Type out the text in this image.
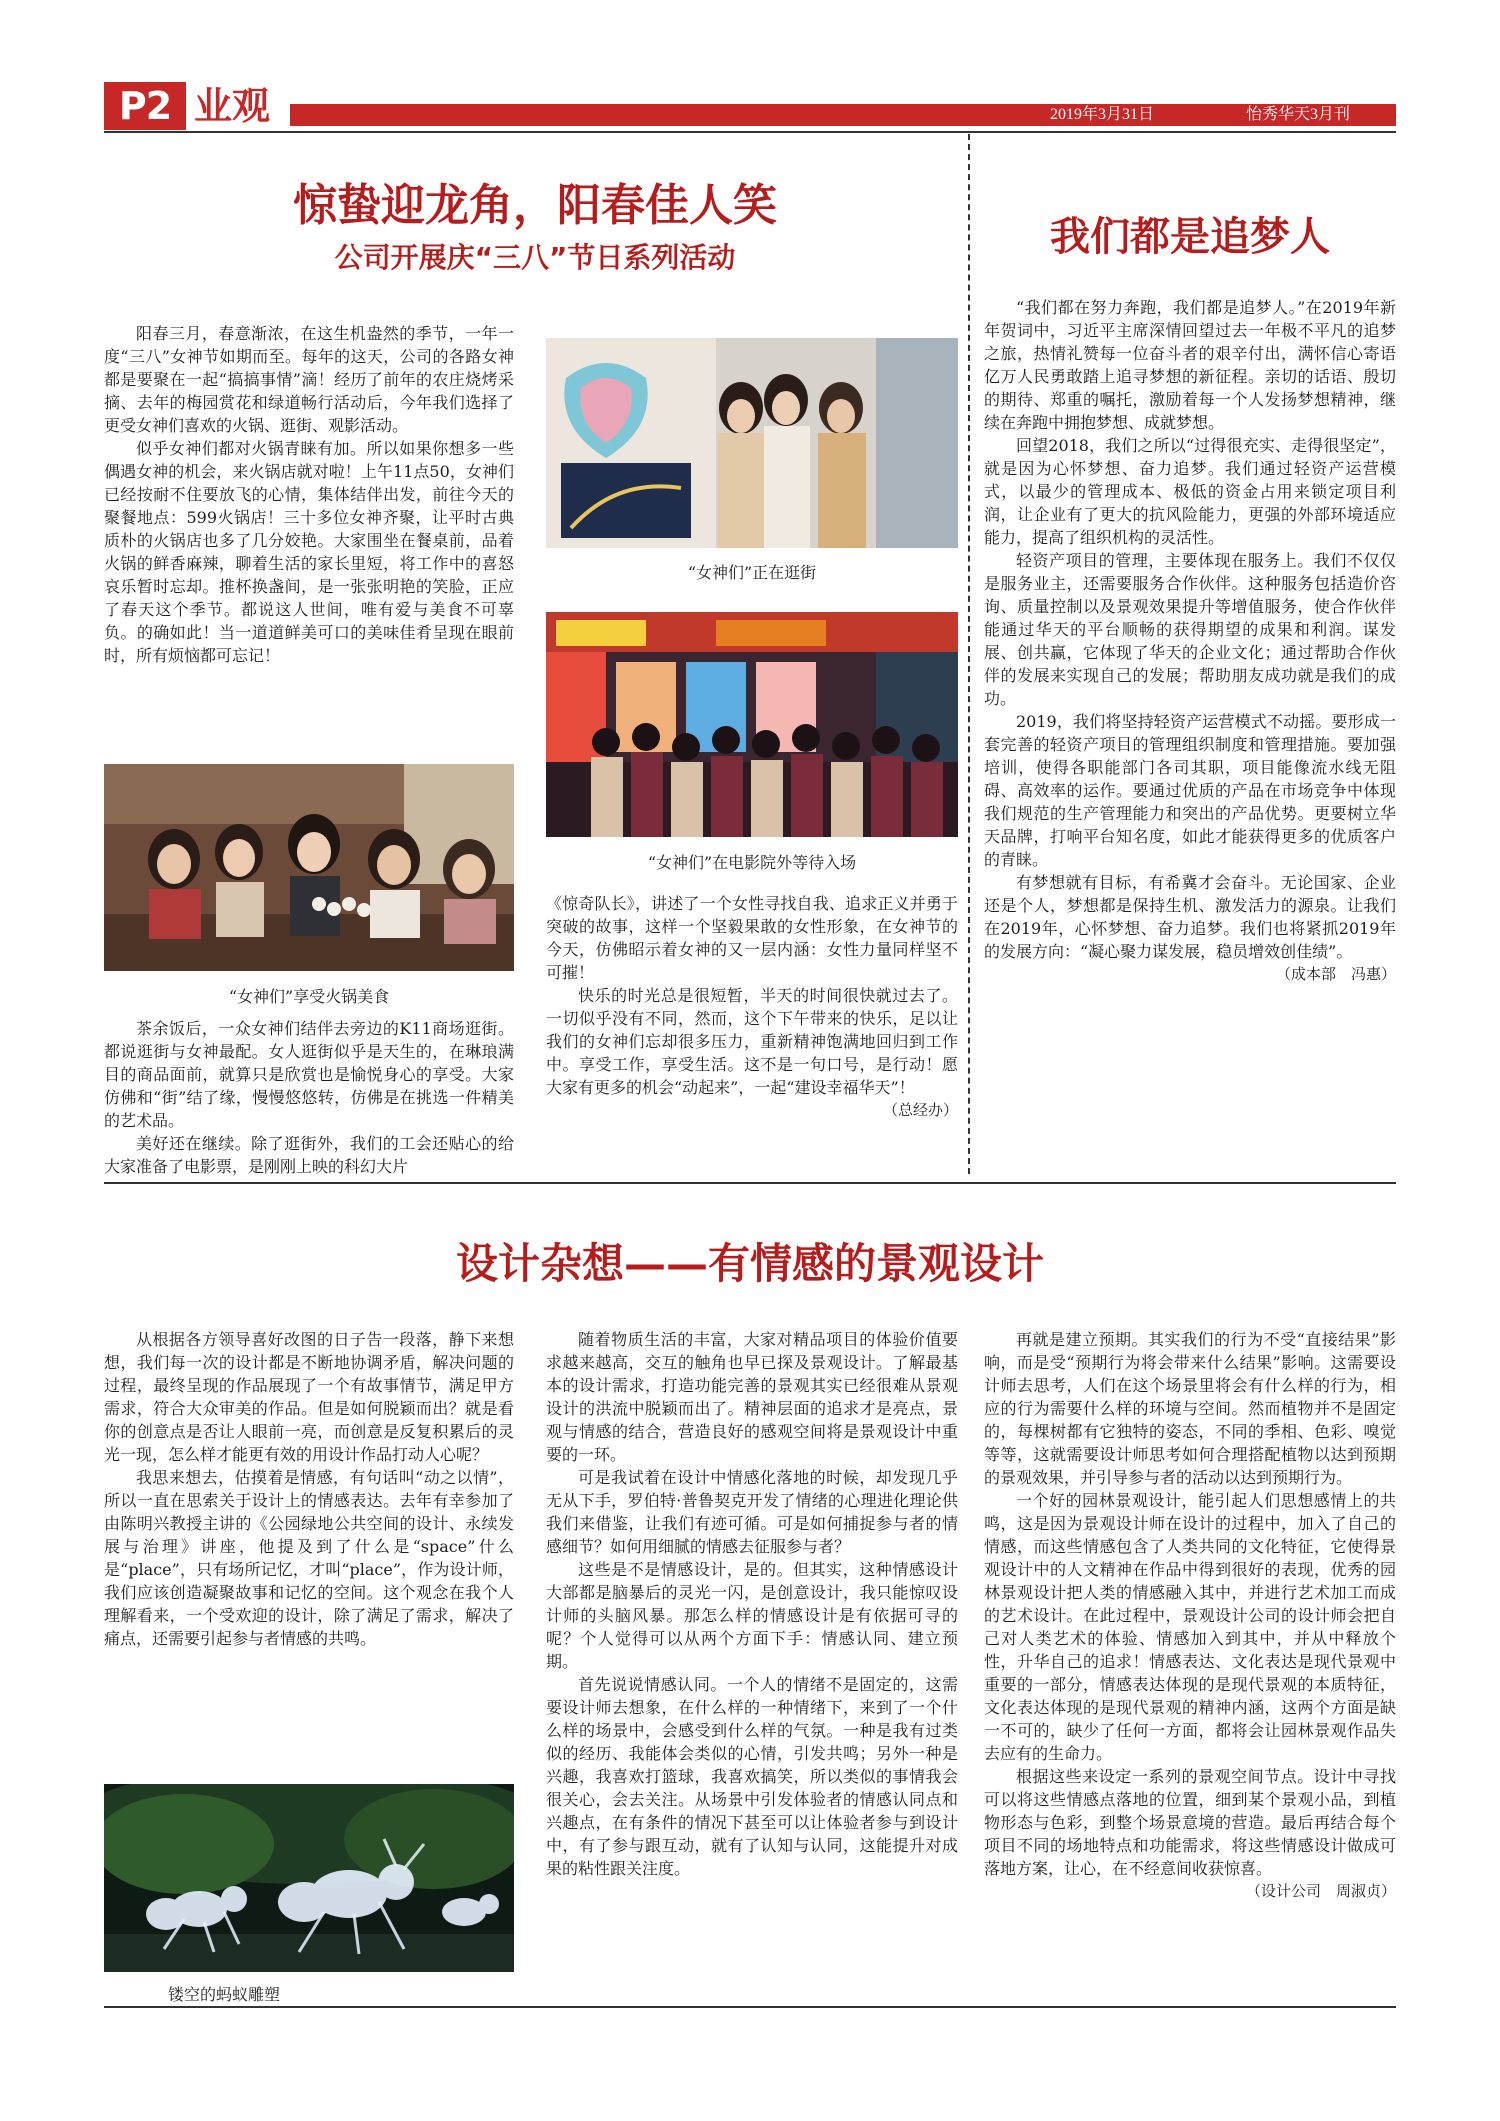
P2 业观	2019年3月31日	怡秀华天3月刊
惊蛰迎龙角，阳春佳人笑
公司开展庆“三八”节日系列活动

阳春三月，春意渐浓，在这生机盎然的季节，一年一度“三八”女神节如期而至。每年的这天，公司的各路女神都是要聚在一起“搞搞事情”滴！经历了前年的农庄烧烤采摘、去年的梅园赏花和绿道畅行活动后，今年我们选择了更受女神们喜欢的火锅、逛街、观影活动。

似乎女神们都对火锅青睐有加。所以如果你想多一些偶遇女神的机会，来火锅店就对啦！上午11点50，女神们已经按耐不住要放飞的心情，集体结伴出发，前往今天的聚餐地点：599火锅店！三十多位女神齐聚，让平时古典质朴的火锅店也多了几分姣艳。大家围坐在餐桌前，品着火锅的鲜香麻辣，聊着生活的家长里短，将工作中的喜怒哀乐暂时忘却。推杯换盏间，是一张张明艳的笑脸，正应了春天这个季节。都说这人世间，唯有爱与美食不可辜负。的确如此！当一道道鲜美可口的美味佳肴呈现在眼前时，所有烦恼都可忘记！

“女神们”享受火锅美食

茶余饭后，一众女神们结伴去旁边的K11商场逛街。都说逛街与女神最配。女人逛街似乎是天生的，在琳琅满目的商品面前，就算只是欣赏也是愉悦身心的享受。大家仿佛和“街”结了缘，慢慢悠悠转，仿佛是在挑选一件精美的艺术品。

美好还在继续。除了逛街外，我们的工会还贴心的给大家准备了电影票，是刚刚上映的科幻大片

“女神们”正在逛街
“女神们”在电影院外等待入场

《惊奇队长》，讲述了一个女性寻找自我、追求正义并勇于突破的故事，这样一个坚毅果敢的女性形象，在女神节的今天，仿佛昭示着女神的又一层内涵：女性力量同样坚不可摧！

快乐的时光总是很短暂，半天的时间很快就过去了。一切似乎没有不同，然而，这个下午带来的快乐，足以让我们的女神们忘却很多压力，重新精神饱满地回归到工作中。享受工作，享受生活。这不是一句口号，是行动！愿大家有更多的机会“动起来”，一起“建设幸福华天”！

（总经办）
我们都是追梦人

“我们都在努力奔跑，我们都是追梦人。”在2019年新年贺词中，习近平主席深情回望过去一年极不平凡的追梦之旅，热情礼赞每一位奋斗者的艰辛付出，满怀信心寄语亿万人民勇敢踏上追寻梦想的新征程。亲切的话语、殷切的期待、郑重的嘱托，激励着每一个人发扬梦想精神，继续在奔跑中拥抱梦想、成就梦想。

回望2018，我们之所以“过得很充实、走得很坚定”，就是因为心怀梦想、奋力追梦。我们通过轻资产运营模式，以最少的管理成本、极低的资金占用来锁定项目利润，让企业有了更大的抗风险能力，更强的外部环境适应能力，提高了组织机构的灵活性。

轻资产项目的管理，主要体现在服务上。我们不仅仅是服务业主，还需要服务合作伙伴。这种服务包括造价咨询、质量控制以及景观效果提升等增值服务，使合作伙伴能通过华天的平台顺畅的获得期望的成果和利润。谋发展、创共赢，它体现了华天的企业文化；通过帮助合作伙伴的发展来实现自己的发展；帮助朋友成功就是我们的成功。

2019，我们将坚持轻资产运营模式不动摇。要形成一套完善的轻资产项目的管理组织制度和管理措施。要加强培训，使得各职能部门各司其职，项目能像流水线无阻碍、高效率的运作。要通过优质的产品在市场竞争中体现我们规范的生产管理能力和突出的产品优势。更要树立华天品牌，打响平台知名度，如此才能获得更多的优质客户的青睐。

有梦想就有目标，有希冀才会奋斗。无论国家、企业还是个人，梦想都是保持生机、激发活力的源泉。让我们在2019年，心怀梦想、奋力追梦。我们也将紧抓2019年的发展方向：“凝心聚力谋发展，稳员增效创佳绩”。

（成本部　冯惠）
设计杂想——有情感的景观设计

从根据各方领导喜好改图的日子告一段落，静下来想想，我们每一次的设计都是不断地协调矛盾，解决问题的过程，最终呈现的作品展现了一个有故事情节，满足甲方需求，符合大众审美的作品。但是如何脱颖而出？就是看你的创意点是否让人眼前一亮，而创意是反复积累后的灵光一现，怎么样才能更有效的用设计作品打动人心呢？

我思来想去，估摸着是情感，有句话叫“动之以情”，所以一直在思索关于设计上的情感表达。去年有幸参加了由陈明兴教授主讲的《公园绿地公共空间的设计、永续发展与治理》讲座，他提及到了什么是“space”什么是“place”，只有场所记忆，才叫“place”，作为设计师，我们应该创造凝聚故事和记忆的空间。这个观念在我个人理解看来，一个受欢迎的设计，除了满足了需求，解决了痛点，还需要引起参与者情感的共鸣。

镂空的蚂蚁雕塑

随着物质生活的丰富，大家对精品项目的体验价值要求越来越高，交互的触角也早已探及景观设计。了解最基本的设计需求，打造功能完善的景观其实已经很难从景观设计的洪流中脱颖而出了。精神层面的追求才是亮点，景观与情感的结合，营造良好的感观空间将是景观设计中重要的一环。

可是我试着在设计中情感化落地的时候，却发现几乎无从下手，罗伯特·普鲁契克开发了情绪的心理进化理论供我们来借鉴，让我们有迹可循。可是如何捕捉参与者的情感细节？如何用细腻的情感去征服参与者？

这些是不是情感设计，是的。但其实，这种情感设计大部都是脑暴后的灵光一闪，是创意设计，我只能惊叹设计师的头脑风暴。那怎么样的情感设计是有依据可寻的呢？个人觉得可以从两个方面下手：情感认同、建立预期。

首先说说情感认同。一个人的情绪不是固定的，这需要设计师去想象，在什么样的一种情绪下，来到了一个什么样的场景中，会感受到什么样的气氛。一种是我有过类似的经历、我能体会类似的心情，引发共鸣；另外一种是兴趣，我喜欢打篮球，我喜欢搞笑，所以类似的事情我会很关心，会去关注。从场景中引发体验者的情感认同点和兴趣点，在有条件的情况下甚至可以让体验者参与到设计中，有了参与跟互动，就有了认知与认同，这能提升对成果的粘性跟关注度。

再就是建立预期。其实我们的行为不受“直接结果”影响，而是受“预期行为将会带来什么结果”影响。这需要设计师去思考，人们在这个场景里将会有什么样的行为，相应的行为需要什么样的环境与空间。然而植物并不是固定的，每棵树都有它独特的姿态，不同的季相、色彩、嗅觉等等，这就需要设计师思考如何合理搭配植物以达到预期的景观效果，并引导参与者的活动以达到预期行为。

一个好的园林景观设计，能引起人们思想感情上的共鸣，这是因为景观设计师在设计的过程中，加入了自己的情感，而这些情感包含了人类共同的文化特征，它使得景观设计中的人文精神在作品中得到很好的表现，优秀的园林景观设计把人类的情感融入其中，并进行艺术加工而成的艺术设计。在此过程中，景观设计公司的设计师会把自己对人类艺术的体验、情感加入到其中，并从中释放个性，升华自己的追求！情感表达、文化表达是现代景观中重要的一部分，情感表达体现的是现代景观的本质特征，文化表达体现的是现代景观的精神内涵，这两个方面是缺一不可的，缺少了任何一方面，都将会让园林景观作品失去应有的生命力。

根据这些来设定一系列的景观空间节点。设计中寻找可以将这些情感点落地的位置，细到某个景观小品，到植物形态与色彩，到整个场景意境的营造。最后再结合每个项目不同的场地特点和功能需求，将这些情感设计做成可落地方案，让心，在不经意间收获惊喜。

（设计公司　周淑贞）
